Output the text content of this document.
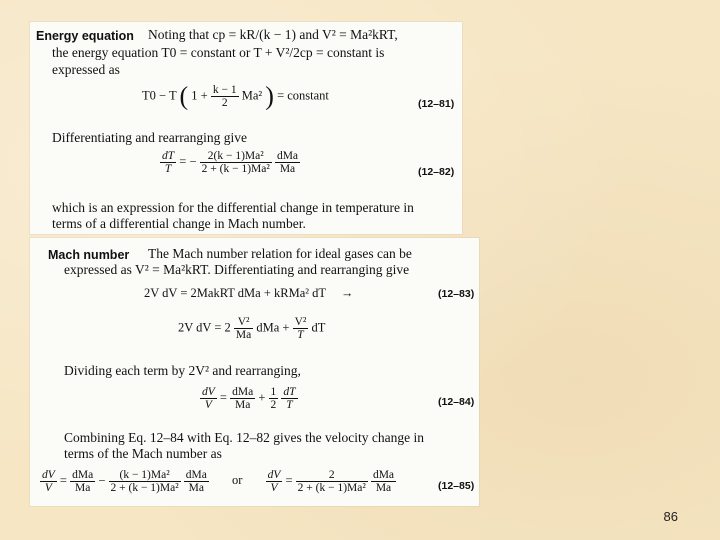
Energy equation Noting that cp = kR/(k − 1) and V² = Ma²kRT,
the energy equation T0 = constant or T + V²/2cp = constant is
expressed as
T0 − T ( $1 + \frac{k - 1}{2} Ma^2$ ) = constant
(12–81)
Differentiating and rearranging give
$\frac{dT}{T}$ = − $\frac{\text{2(k − 1)Ma²}}{\text{2 + (k − 1)Ma²}}$
$\frac{\text{dMa}}{Ma}$	(12–82)
which is an expression for the differential change in temperature in
terms of a differential change in Mach number.
Mach number The Mach number relation for ideal gases can be
expressed as V² = Ma²kRT. Differentiating and rearranging give
2V dV = 2MakRT dMa + kRMa² dT →	(12–83)
2V dV = $2 \frac{\text{V²}}{Ma}$ dMa + $\frac{\text{V²}}{T}$ dT
Dividing each term by 2V² and rearranging,
$\frac{dV}{V} = \frac{\text{dMa}}{Ma} + \frac{1}{2}$
$\frac{dT}{T}$	(12–84)
Combining Eq. 12–84 with Eq. 12–82 gives the velocity change in
terms of the Mach number as
$\frac{dV}{V} = \frac{\text{dMa}}{Ma} - \frac{\text{(k − 1)Ma²}}{\text{2 + (k − 1)Ma²}}$
$\frac{\text{dMa}}{Ma}$ or $\frac{dV}{V} = \frac{2}{\text{2 + (k − 1)Ma²}}$
$\frac{\text{dMa}}{Ma}$	(12–85)
86
